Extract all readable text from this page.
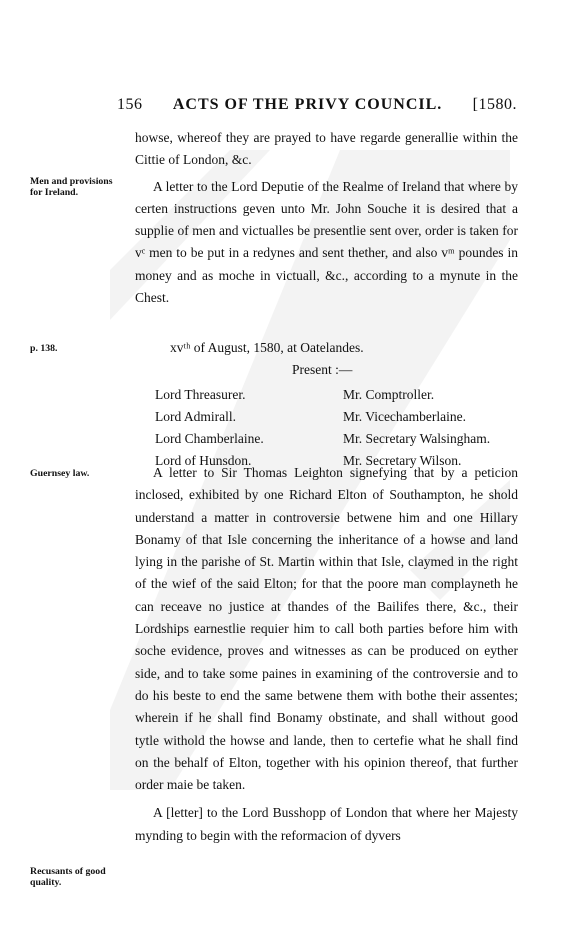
156 ACTS OF THE PRIVY COUNCIL. [1580.

howse, whereof they are prayed to have regarde generallie within the Cittie of London, &c.

A letter to the Lord Deputie of the Realme of Ireland that where by certen instructions geven unto Mr. John Souche it is desired that a supplie of men and victualles be presentlie sent over, order is taken for vᶜ men to be put in a redynes and sent thether, and also vᵐ poundes in money and as moche in victuall, &c., according to a mynute in the Chest.

Men and provisions for Ireland.
p. 138.	xvᵗʰ of August, 1580, at Oatelandes.
Present :—
Lord Threasurer.	Mr. Comptroller.
Lord Admirall.	Mr. Vicechamberlaine.
Lord Chamberlaine.	Mr. Secretary Walsingham.
Lord of Hunsdon.	Mr. Secretary Wilson.
Guernsey law.	A letter to Sir Thomas Leighton signefying that by a peticion inclosed, exhibited by one Richard Elton of Southampton, he shold understand a matter in controversie betwene him and one Hillary Bonamy of that Isle concerning the inheritance of a howse and land lying in the parishe of St. Martin within that Isle, claymed in the right of the wief of the said Elton; for that the poore man complayneth he can receave no justice at thandes of the Bailifes there, &c., their Lordships earnestlie requier him to call both parties before him with soche evidence, proves and witnesses as can be produced on eyther side, and to take some paines in examining of the controversie and to do his beste to end the same betwene them with bothe their assentes; wherein if he shall find Bonamy obstinate, and shall without good tytle withold the howse and lande, then to certefie what he shall find on the behalf of Elton, together with his opinion thereof, that further order maie be taken.

A [letter] to the Lord Busshopp of London that where her Majesty mynding to begin with the reformacion of dyvers

Recusants of good quality.
